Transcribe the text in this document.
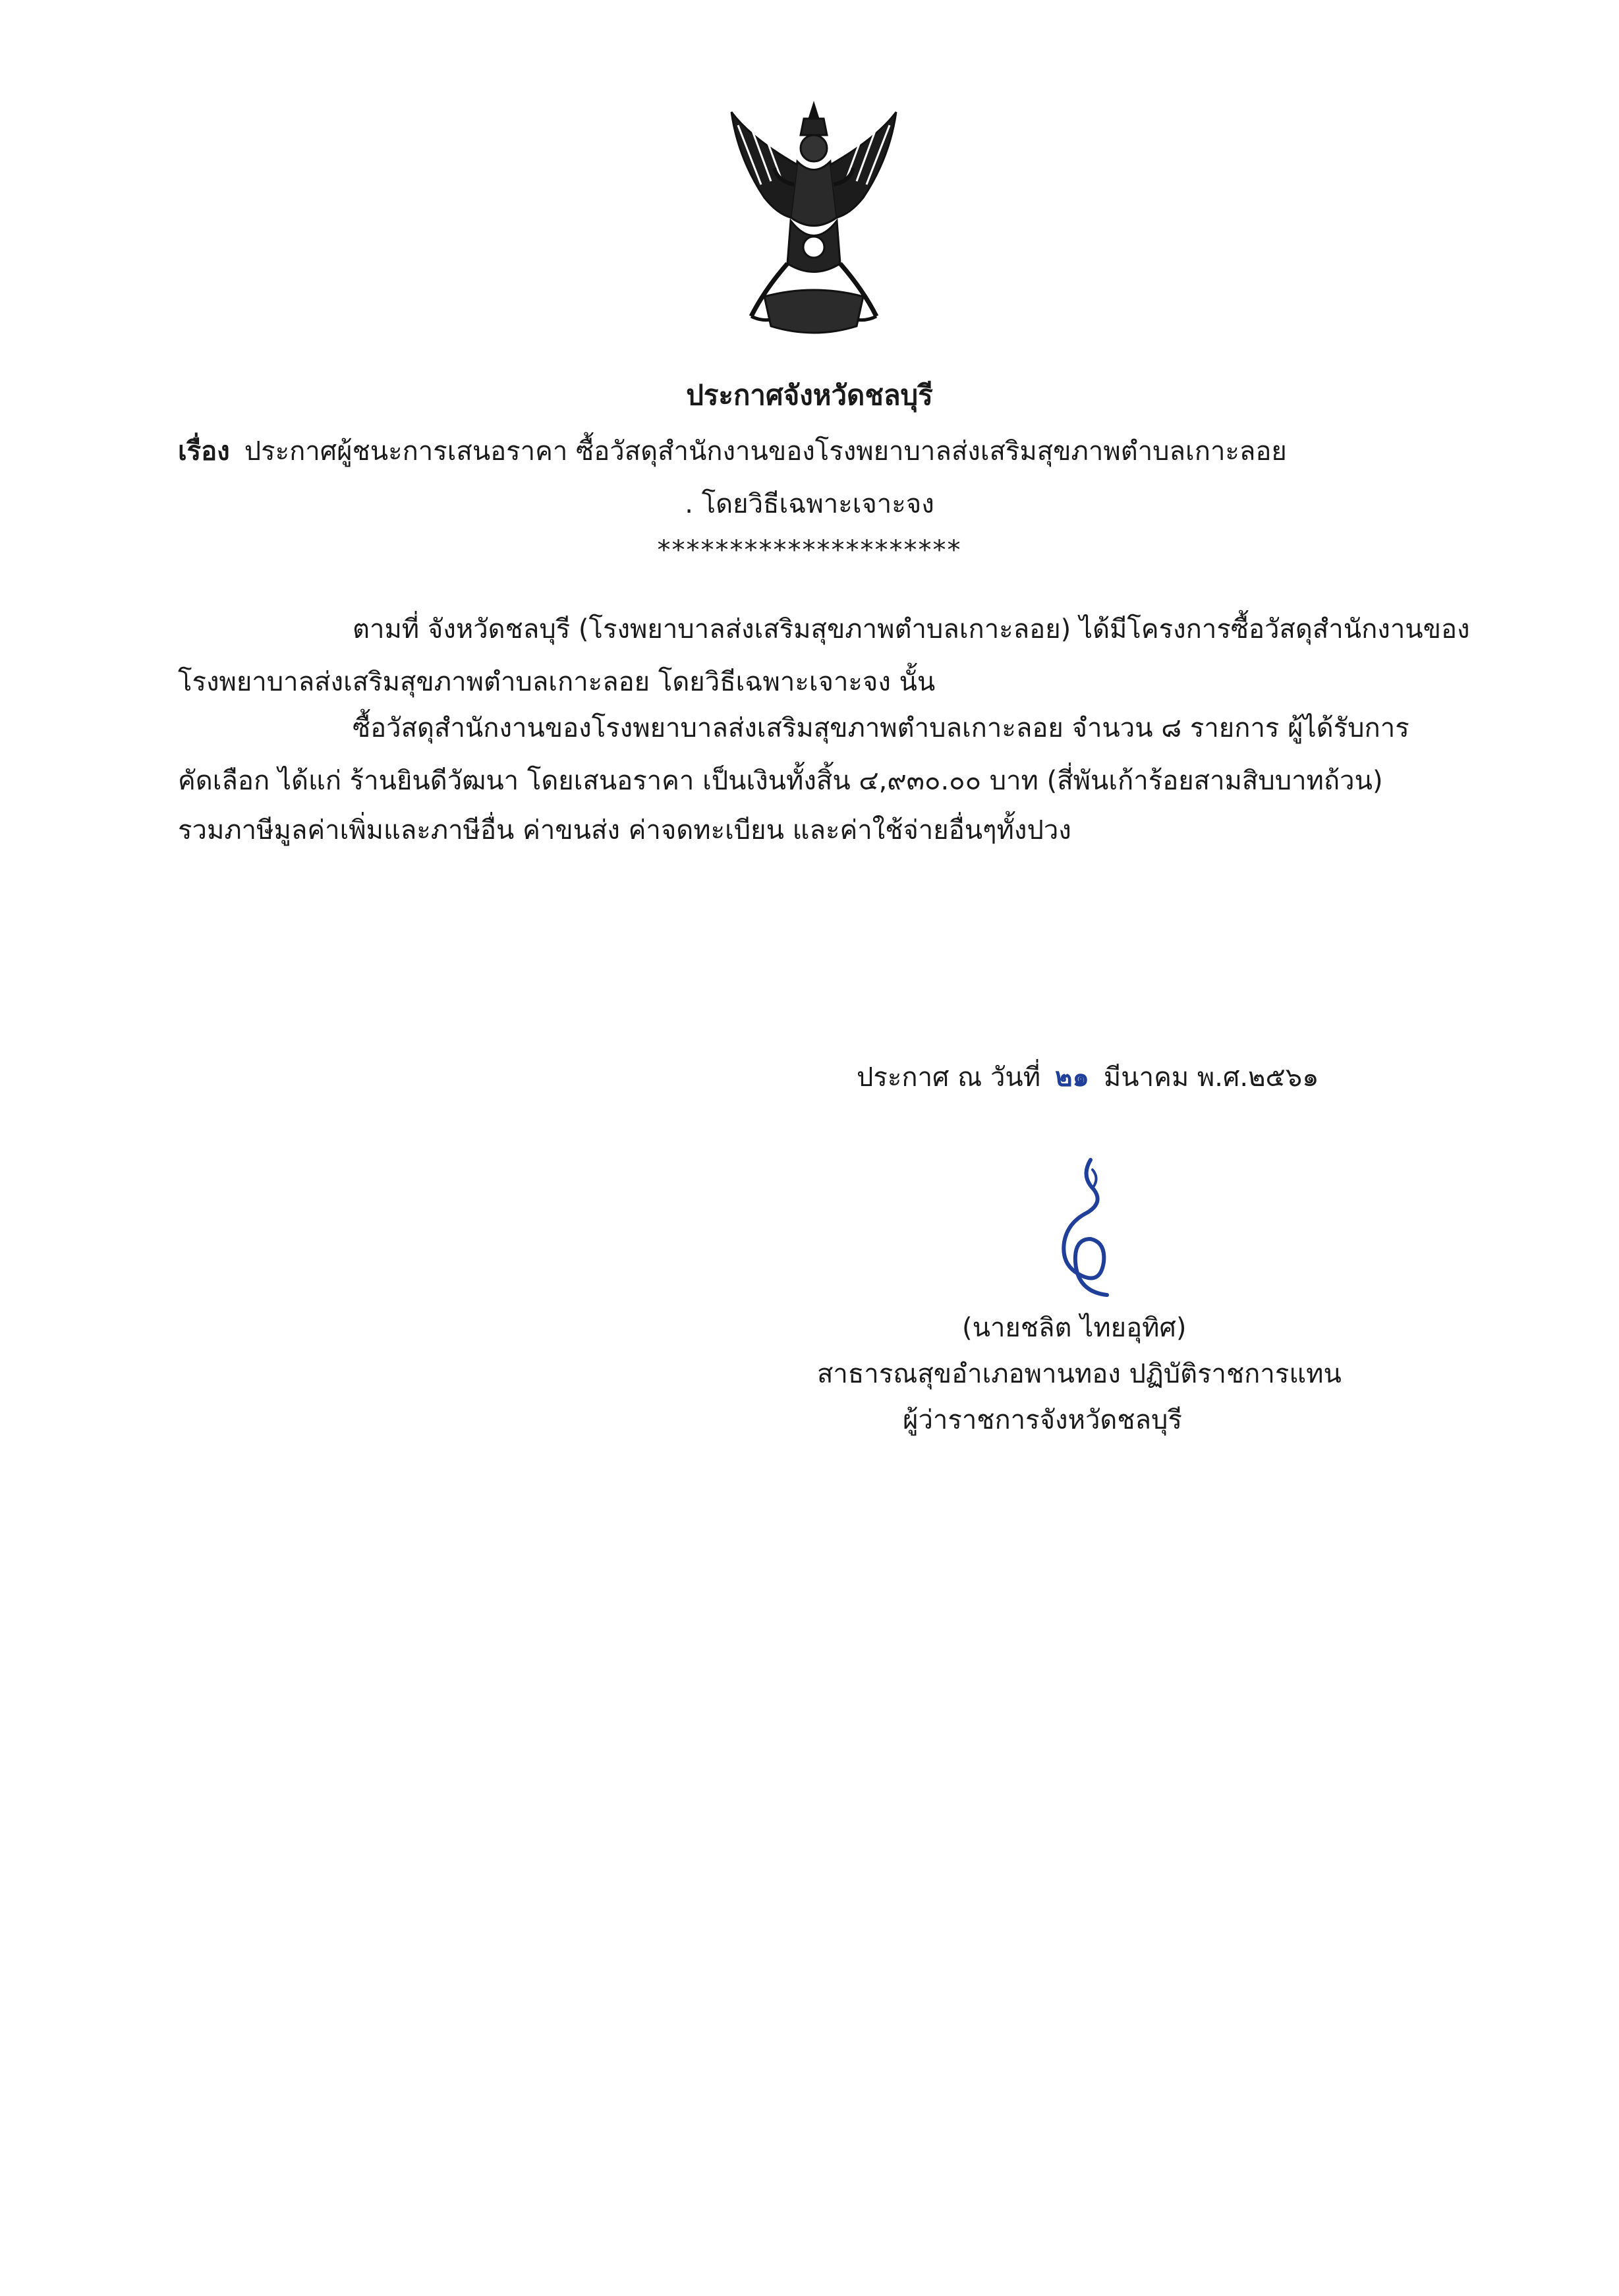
ประกาศจังหวัดชลบุรี
เรื่อง ประกาศผู้ชนะการเสนอราคา ซื้อวัสดุสำนักงานของโรงพยาบาลส่งเสริมสุขภาพตำบลเกาะลอย
. โดยวิธีเฉพาะเจาะจง
*********************
ตามที่ จังหวัดชลบุรี (โรงพยาบาลส่งเสริมสุขภาพตำบลเกาะลอย) ได้มีโครงการซื้อวัสดุสำนักงานของ
โรงพยาบาลส่งเสริมสุขภาพตำบลเกาะลอย โดยวิธีเฉพาะเจาะจง นั้น
ซื้อวัสดุสำนักงานของโรงพยาบาลส่งเสริมสุขภาพตำบลเกาะลอย จำนวน ๘ รายการ ผู้ได้รับการ
คัดเลือก ได้แก่ ร้านยินดีวัฒนา โดยเสนอราคา เป็นเงินทั้งสิ้น ๔,๙๓๐.๐๐ บาท (สี่พันเก้าร้อยสามสิบบาทถ้วน)
รวมภาษีมูลค่าเพิ่มและภาษีอื่น ค่าขนส่ง ค่าจดทะเบียน และค่าใช้จ่ายอื่นๆทั้งปวง
ประกาศ ณ วันที่ ๒๑ มีนาคม พ.ศ.๒๕๖๑
(นายชลิต ไทยอุทิศ)
สาธารณสุขอำเภอพานทอง ปฏิบัติราชการแทน
ผู้ว่าราชการจังหวัดชลบุรี
